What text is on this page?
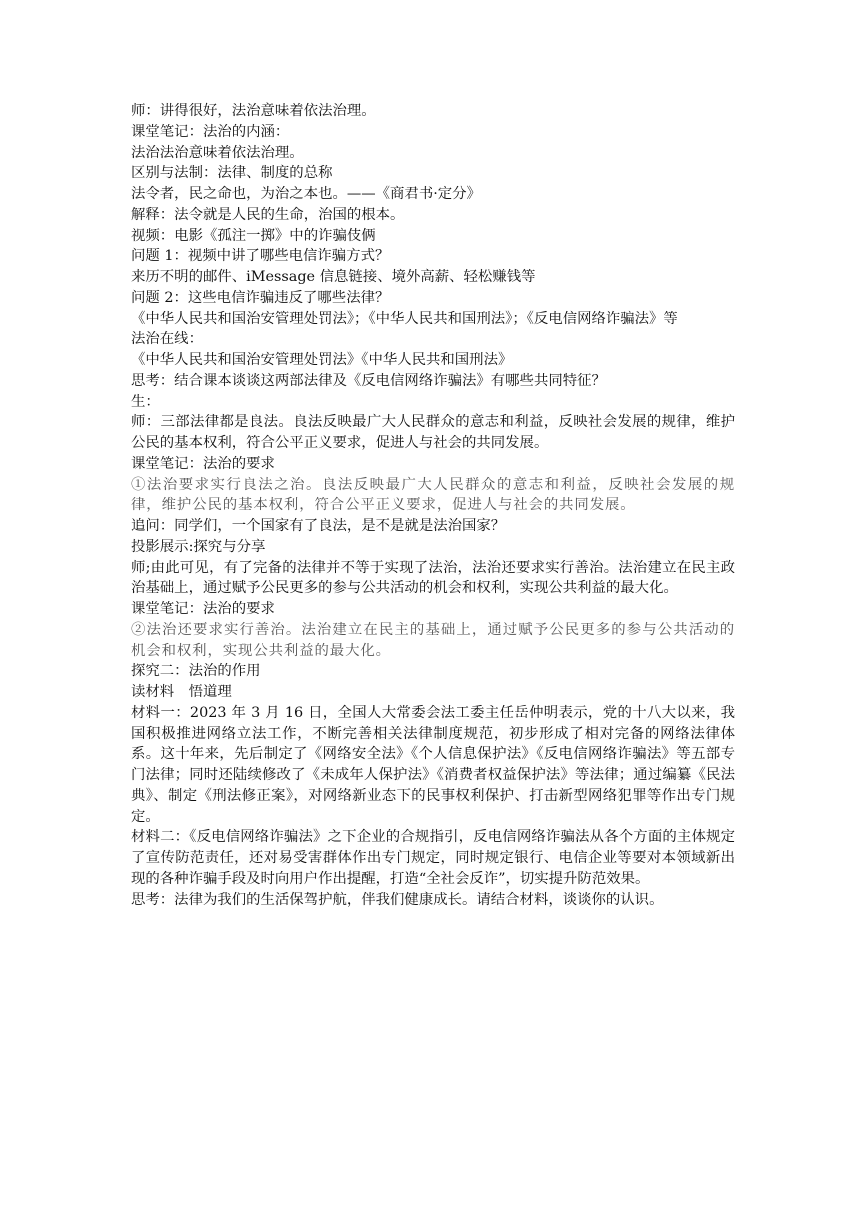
师：讲得很好，法治意味着依法治理。
课堂笔记：法治的内涵：
法治法治意味着依法治理。
区别与法制：法律、制度的总称
法令者，民之命也，为治之本也。——《商君书·定分》
解释：法令就是人民的生命，治国的根本。
视频：电影《孤注一掷》中的诈骗伎俩
问题 1：视频中讲了哪些电信诈骗方式？
来历不明的邮件、iMessage 信息链接、境外高薪、轻松赚钱等
问题 2：这些电信诈骗违反了哪些法律？
《中华人民共和国治安管理处罚法》；《中华人民共和国刑法》；《反电信网络诈骗法》等
法治在线：
《中华人民共和国治安管理处罚法》《中华人民共和国刑法》
思考：结合课本谈谈这两部法律及《反电信网络诈骗法》有哪些共同特征？
生：
师：三部法律都是良法。良法反映最广大人民群众的意志和利益，反映社会发展的规律，维护公民的基本权利，符合公平正义要求，促进人与社会的共同发展。
课堂笔记：法治的要求
①法治要求实行良法之治。良法反映最广大人民群众的意志和利益，反映社会发展的规律，维护公民的基本权利，符合公平正义要求，促进人与社会的共同发展。
追问：同学们，一个国家有了良法，是不是就是法治国家？
投影展示:探究与分享
师;由此可见，有了完备的法律并不等于实现了法治，法治还要求实行善治。法治建立在民主政治基础上，通过赋予公民更多的参与公共活动的机会和权利，实现公共利益的最大化。
课堂笔记：法治的要求
②法治还要求实行善治。法治建立在民主的基础上，通过赋予公民更多的参与公共活动的机会和权利，实现公共利益的最大化。
探究二：法治的作用
读材料　悟道理
材料一：2023 年 3 月 16 日，全国人大常委会法工委主任岳仲明表示，党的十八大以来，我国积极推进网络立法工作，不断完善相关法律制度规范，初步形成了相对完备的网络法律体系。这十年来，先后制定了《网络安全法》《个人信息保护法》《反电信网络诈骗法》等五部专门法律；同时还陆续修改了《未成年人保护法》《消费者权益保护法》等法律；通过编纂《民法典》、制定《刑法修正案》，对网络新业态下的民事权利保护、打击新型网络犯罪等作出专门规定。
材料二：《反电信网络诈骗法》之下企业的合规指引，反电信网络诈骗法从各个方面的主体规定了宣传防范责任，还对易受害群体作出专门规定，同时规定银行、电信企业等要对本领域新出现的各种诈骗手段及时向用户作出提醒，打造“全社会反诈”，切实提升防范效果。
思考：法律为我们的生活保驾护航，伴我们健康成长。请结合材料，谈谈你的认识。
